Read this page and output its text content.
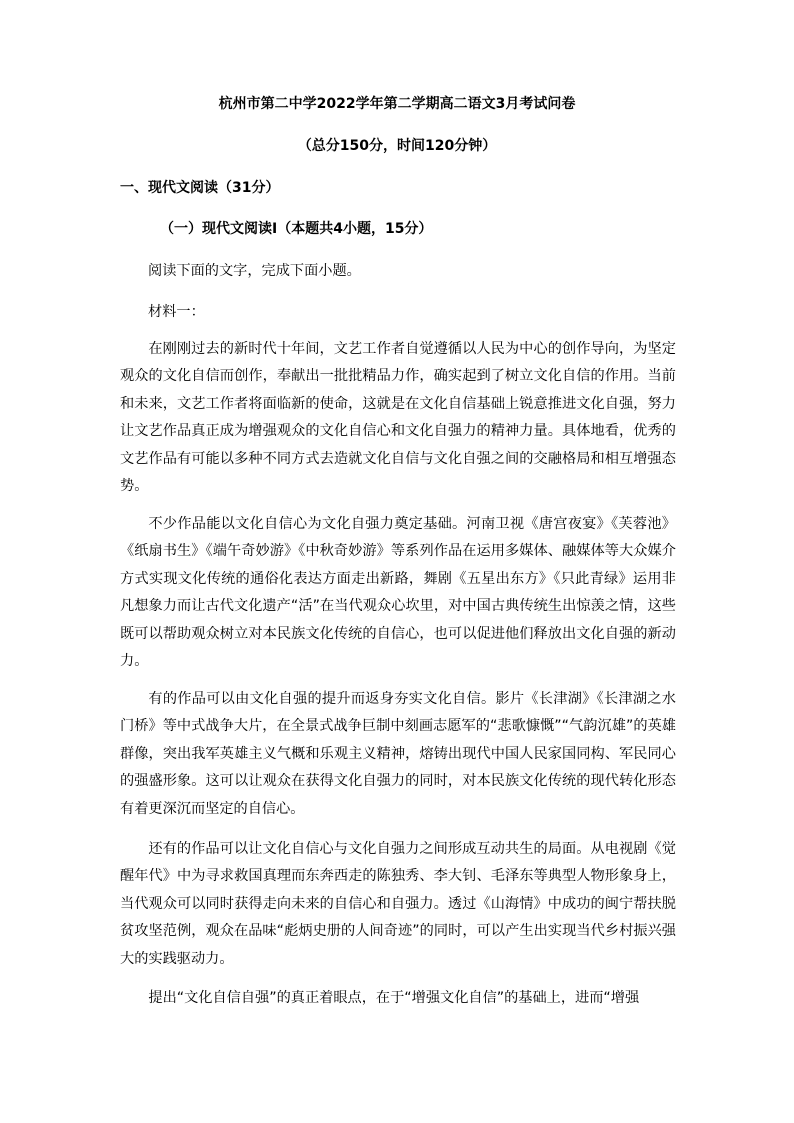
杭州市第二中学2022学年第二学期高二语文3月考试问卷
（总分150分，时间120分钟）
一、现代文阅读（31分）
（一）现代文阅读Ⅰ（本题共4小题，15分）
阅读下面的文字，完成下面小题。
材料一：

在刚刚过去的新时代十年间，文艺工作者自觉遵循以人民为中心的创作导向，为坚定观众的文化自信而创作，奉献出一批批精品力作，确实起到了树立文化自信的作用。当前和未来，文艺工作者将面临新的使命，这就是在文化自信基础上锐意推进文化自强，努力让文艺作品真正成为增强观众的文化自信心和文化自强力的精神力量。具体地看，优秀的文艺作品有可能以多种不同方式去造就文化自信与文化自强之间的交融格局和相互增强态势。

不少作品能以文化自信心为文化自强力奠定基础。河南卫视《唐宫夜宴》《芙蓉池》《纸扇书生》《端午奇妙游》《中秋奇妙游》等系列作品在运用多媒体、融媒体等大众媒介方式实现文化传统的通俗化表达方面走出新路，舞剧《五星出东方》《只此青绿》运用非凡想象力而让古代文化遗产“活”在当代观众心坎里，对中国古典传统生出惊羡之情，这些既可以帮助观众树立对本民族文化传统的自信心，也可以促进他们释放出文化自强的新动力。

有的作品可以由文化自强的提升而返身夯实文化自信。影片《长津湖》《长津湖之水门桥》等中式战争大片，在全景式战争巨制中刻画志愿军的“悲歌慷慨”“气韵沉雄”的英雄群像，突出我军英雄主义气概和乐观主义精神，熔铸出现代中国人民家国同构、军民同心的强盛形象。这可以让观众在获得文化自强力的同时，对本民族文化传统的现代转化形态有着更深沉而坚定的自信心。

还有的作品可以让文化自信心与文化自强力之间形成互动共生的局面。从电视剧《觉醒年代》中为寻求救国真理而东奔西走的陈独秀、李大钊、毛泽东等典型人物形象身上，当代观众可以同时获得走向未来的自信心和自强力。透过《山海情》中成功的闽宁帮扶脱贫攻坚范例，观众在品味“彪炳史册的人间奇迹”的同时，可以产生出实现当代乡村振兴强大的实践驱动力。

提出“文化自信自强”的真正着眼点，在于“增强文化自信”的基础上，进而“增强
